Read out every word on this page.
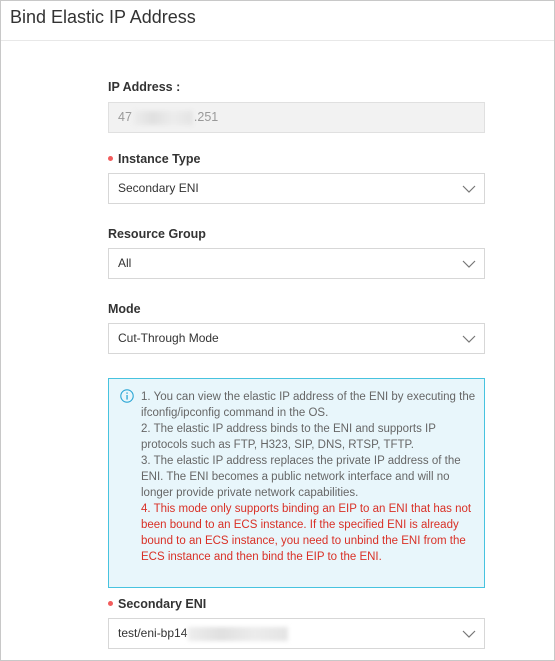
Bind Elastic IP Address
IP Address :
47	.251
Instance Type
Secondary ENI
Resource Group
All
Mode
Cut-Through Mode
1. You can view the elastic IP address of the ENI by executing the ifconfig/ipconfig command in the OS.
2. The elastic IP address binds to the ENI and supports IP protocols such as FTP, H323, SIP, DNS, RTSP, TFTP.
3. The elastic IP address replaces the private IP address of the ENI. The ENI becomes a public network interface and will no longer provide private network capabilities.
4. This mode only supports binding an EIP to an ENI that has not been bound to an ECS instance. If the specified ENI is already bound to an ECS instance, you need to unbind the ENI from the ECS instance and then bind the EIP to the ENI.
Secondary ENI
test/eni-bp14
